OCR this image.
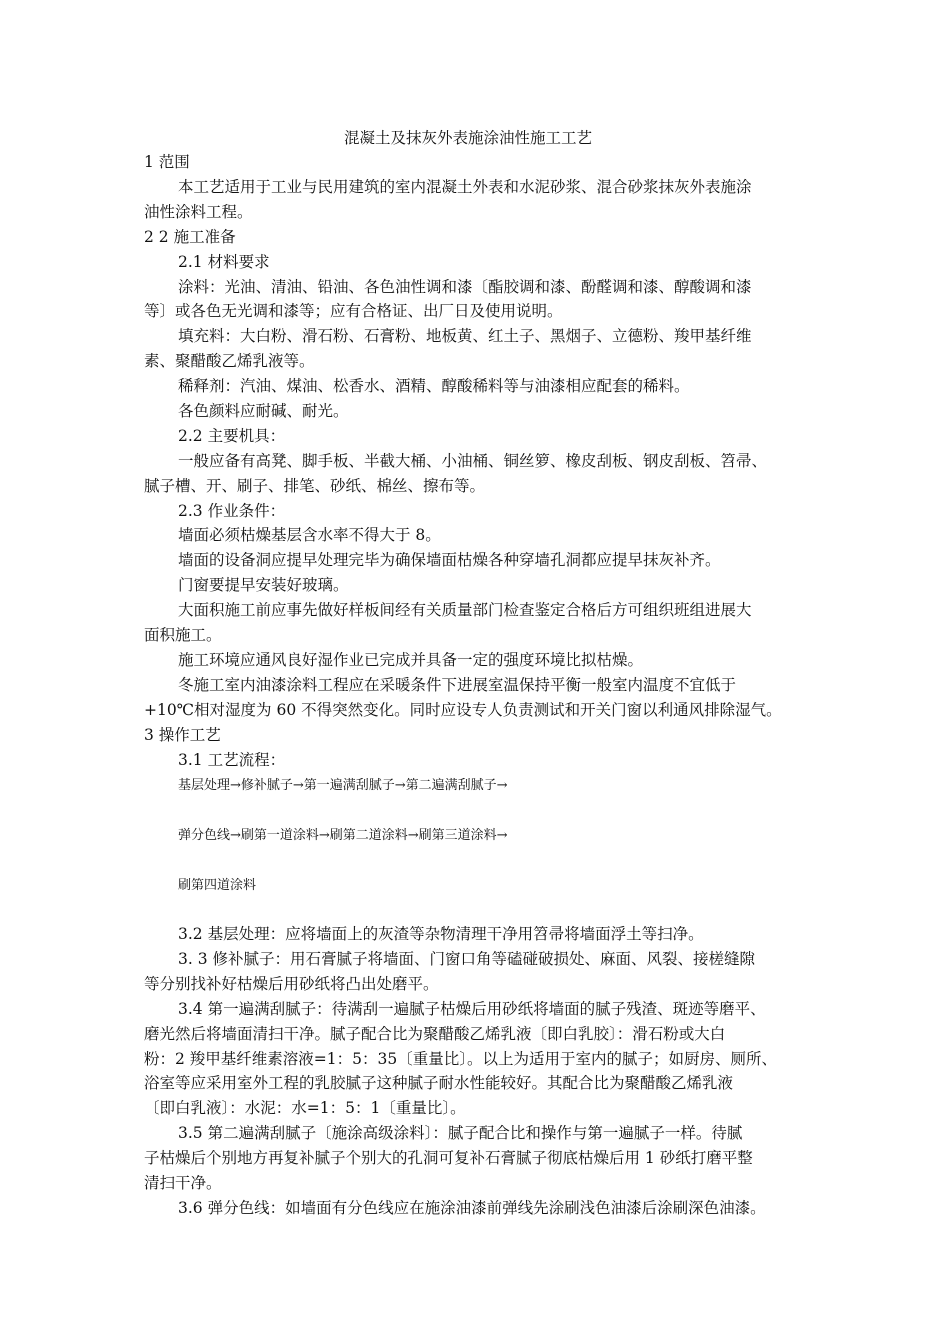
混凝土及抹灰外表施涂油性施工工艺
1 范围
本工艺适用于工业与民用建筑的室内混凝土外表和水泥砂浆、混合砂浆抹灰外表施涂
油性涂料工程。
2 2 施工准备
2.1 材料要求
涂料：光油、清油、铅油、各色油性调和漆〔酯胶调和漆、酚醛调和漆、醇酸调和漆
等〕或各色无光调和漆等；应有合格证、出厂日及使用说明。
填充料：大白粉、滑石粉、石膏粉、地板黄、红土子、黑烟子、立德粉、羧甲基纤维
素、聚醋酸乙烯乳液等。
稀释剂：汽油、煤油、松香水、酒精、醇酸稀料等与油漆相应配套的稀料。
各色颜料应耐碱、耐光。
2.2 主要机具：
一般应备有高凳、脚手板、半截大桶、小油桶、铜丝箩、橡皮刮板、钢皮刮板、笤帚、
腻子槽、开、刷子、排笔、砂纸、棉丝、擦布等。
2.3 作业条件：
墙面必须枯燥基层含水率不得大于 8。
墙面的设备洞应提早处理完毕为确保墙面枯燥各种穿墙孔洞都应提早抹灰补齐。
门窗要提早安装好玻璃。
大面积施工前应事先做好样板间经有关质量部门检查鉴定合格后方可组织班组进展大
面积施工。
施工环境应通风良好湿作业已完成并具备一定的强度环境比拟枯燥。
冬施工室内油漆涂料工程应在采暖条件下进展室温保持平衡一般室内温度不宜低于
+10℃相对湿度为 60 不得突然变化。同时应设专人负责测试和开关门窗以利通风排除湿气。
3 操作工艺
3.1 工艺流程：
基层处理→修补腻子→第一遍满刮腻子→第二遍满刮腻子→
弹分色线→刷第一道涂料→刷第二道涂料→刷第三道涂料→
刷第四道涂料
3.2 基层处理：应将墙面上的灰渣等杂物清理干净用笤帚将墙面浮土等扫净。
3. 3 修补腻子：用石膏腻子将墙面、门窗口角等磕碰破损处、麻面、风裂、接槎缝隙
等分别找补好枯燥后用砂纸将凸出处磨平。
3.4 第一遍满刮腻子：待满刮一遍腻子枯燥后用砂纸将墙面的腻子残渣、斑迹等磨平、
磨光然后将墙面清扫干净。腻子配合比为聚醋酸乙烯乳液〔即白乳胶〕：滑石粉或大白
粉：2 羧甲基纤维素溶液=1：5：35〔重量比〕。以上为适用于室内的腻子；如厨房、厕所、
浴室等应采用室外工程的乳胶腻子这种腻子耐水性能较好。其配合比为聚醋酸乙烯乳液
〔即白乳液〕：水泥：水=1：5：1〔重量比〕。
3.5 第二遍满刮腻子〔施涂高级涂料〕：腻子配合比和操作与第一遍腻子一样。待腻
子枯燥后个别地方再复补腻子个别大的孔洞可复补石膏腻子彻底枯燥后用 1 砂纸打磨平整
清扫干净。
3.6 弹分色线：如墙面有分色线应在施涂油漆前弹线先涂刷浅色油漆后涂刷深色油漆。
